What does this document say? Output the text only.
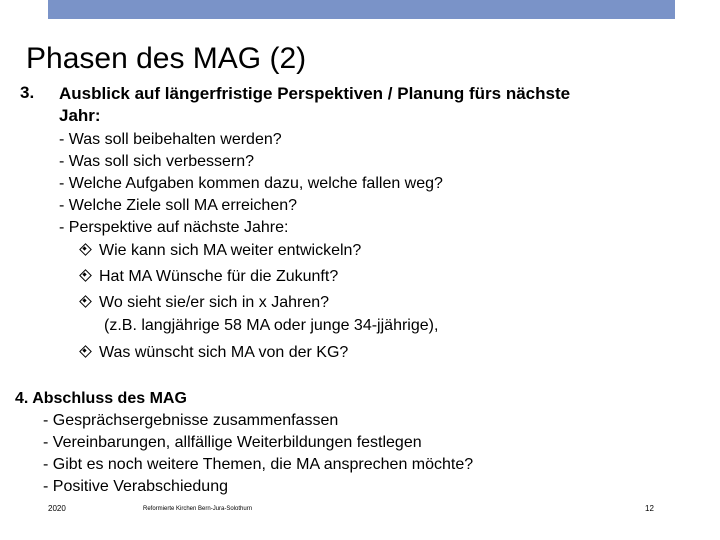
Phasen des MAG (2)
3. Ausblick auf längerfristige Perspektiven / Planung fürs nächste
Jahr:
- Was soll beibehalten werden?
- Was soll sich verbessern?
- Welche Aufgaben kommen dazu, welche fallen weg?
- Welche Ziele soll MA erreichen?
- Perspektive auf nächste Jahre:
Wie kann sich MA weiter entwickeln?
Hat MA Wünsche für die Zukunft?
Wo sieht sie/er sich in x Jahren?
(z.B. langjährige 58 MA oder junge 34-jjährige),
Was wünscht sich MA von der KG?
4. Abschluss des MAG
- Gesprächsergebnisse zusammenfassen
- Vereinbarungen, allfällige Weiterbildungen festlegen
- Gibt es noch weitere Themen, die MA ansprechen möchte?
- Positive Verabschiedung
2020	Reformierte Kirchen Bern-Jura-Solothurn	12
